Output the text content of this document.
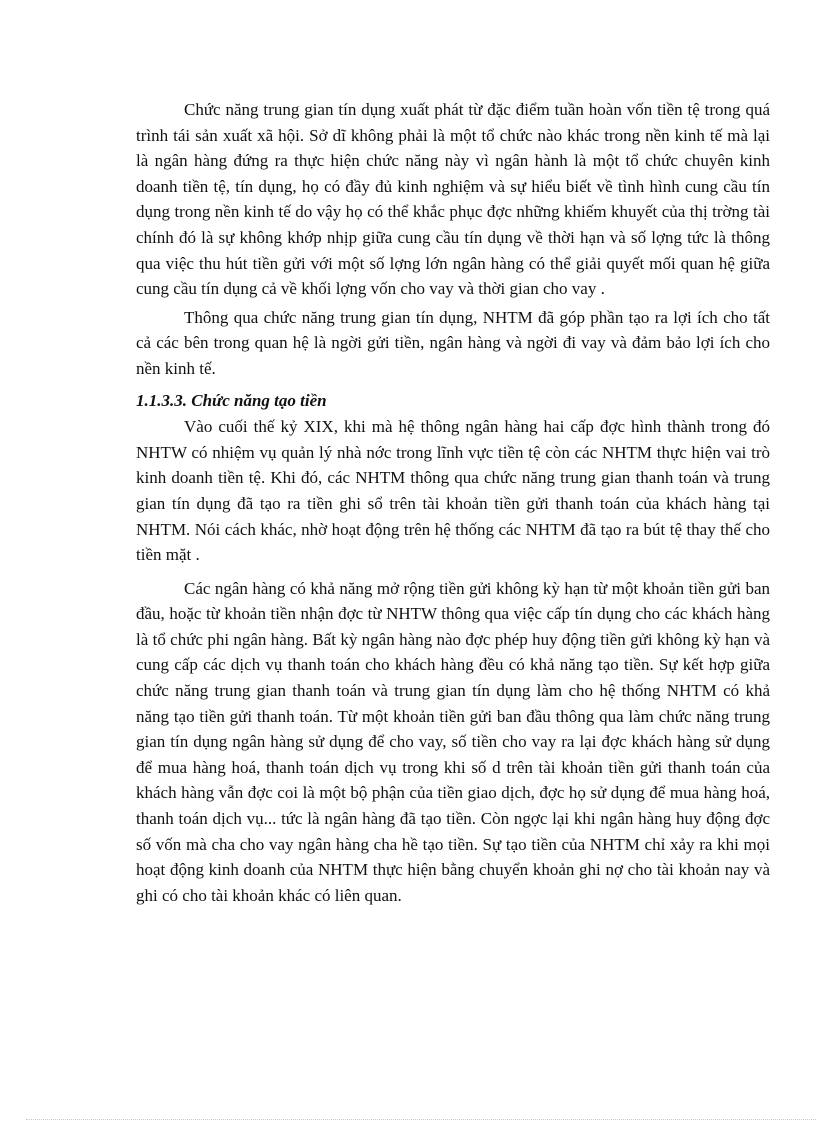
Chức năng trung gian tín dụng xuất phát từ đặc điểm tuần hoàn vốn tiền tệ trong quá trình tái sản xuất xã hội. Sở dĩ không phải là một tổ chức nào khác trong nền kinh tế mà lại là ngân hàng đứng ra thực hiện chức năng này vì ngân hành là một tổ chức chuyên kinh doanh tiền tệ, tín dụng, họ có đầy đủ kinh nghiệm và sự hiểu biết về tình hình cung cầu tín dụng trong nền kinh tế do vậy họ có thể khắc phục đợc những khiếm khuyết của thị trờng tài chính đó là sự không khớp nhịp giữa cung cầu tín dụng về thời hạn và số lợng tức là thông qua việc thu hút tiền gửi với một số lợng lớn ngân hàng có thể giải quyết mối quan hệ giữa cung cầu tín dụng cả về khối lợng vốn cho vay và thời gian cho vay .

Thông qua chức năng trung gian tín dụng, NHTM đã góp phần tạo ra lợi ích cho tất cả các bên trong quan hệ là ngời gửi tiền, ngân hàng và ngời đi vay và đảm bảo lợi ích cho nền kinh tế.

1.1.3.3. Chức năng tạo tiền

Vào cuối thế kỷ XIX, khi mà hệ thông ngân hàng hai cấp đợc hình thành trong đó NHTW có nhiệm vụ quản lý nhà nớc trong lĩnh vực tiền tệ còn các NHTM thực hiện vai trò kinh doanh tiền tệ. Khi đó, các NHTM thông qua chức năng trung gian thanh toán và trung gian tín dụng đã tạo ra tiền ghi sổ trên tài khoản tiền gửi thanh toán của khách hàng tại NHTM. Nói cách khác, nhờ hoạt động trên hệ thống các NHTM đã tạo ra bút tệ thay thế cho tiền mặt .

Các ngân hàng có khả năng mở rộng tiền gửi không kỳ hạn từ một khoản tiền gửi ban đầu, hoặc từ khoản tiền nhận đợc từ NHTW thông qua việc cấp tín dụng cho các khách hàng là tổ chức phi ngân hàng. Bất kỳ ngân hàng nào đợc phép huy động tiền gửi không kỳ hạn và cung cấp các dịch vụ thanh toán cho khách hàng đều có khả năng tạo tiền. Sự kết hợp giữa chức năng trung gian thanh toán và trung gian tín dụng làm cho hệ thống NHTM có khả năng tạo tiền gửi thanh toán. Từ một khoản tiền gửi ban đầu thông qua làm chức năng trung gian tín dụng ngân hàng sử dụng để cho vay, số tiền cho vay ra lại đợc khách hàng sử dụng để mua hàng hoá, thanh toán dịch vụ trong khi số d trên tài khoản tiền gửi thanh toán của khách hàng vẫn đợc coi là một bộ phận của tiền giao dịch, đợc họ sử dụng để mua hàng hoá, thanh toán dịch vụ... tức là ngân hàng đã tạo tiền. Còn ngợc lại khi ngân hàng huy động đợc số vốn mà cha cho vay ngân hàng cha hề tạo tiền. Sự tạo tiền của NHTM chỉ xảy ra khi mọi hoạt động kinh doanh của NHTM thực hiện bằng chuyển khoản ghi nợ cho tài khoản nay và ghi có cho tài khoản khác có liên quan.
